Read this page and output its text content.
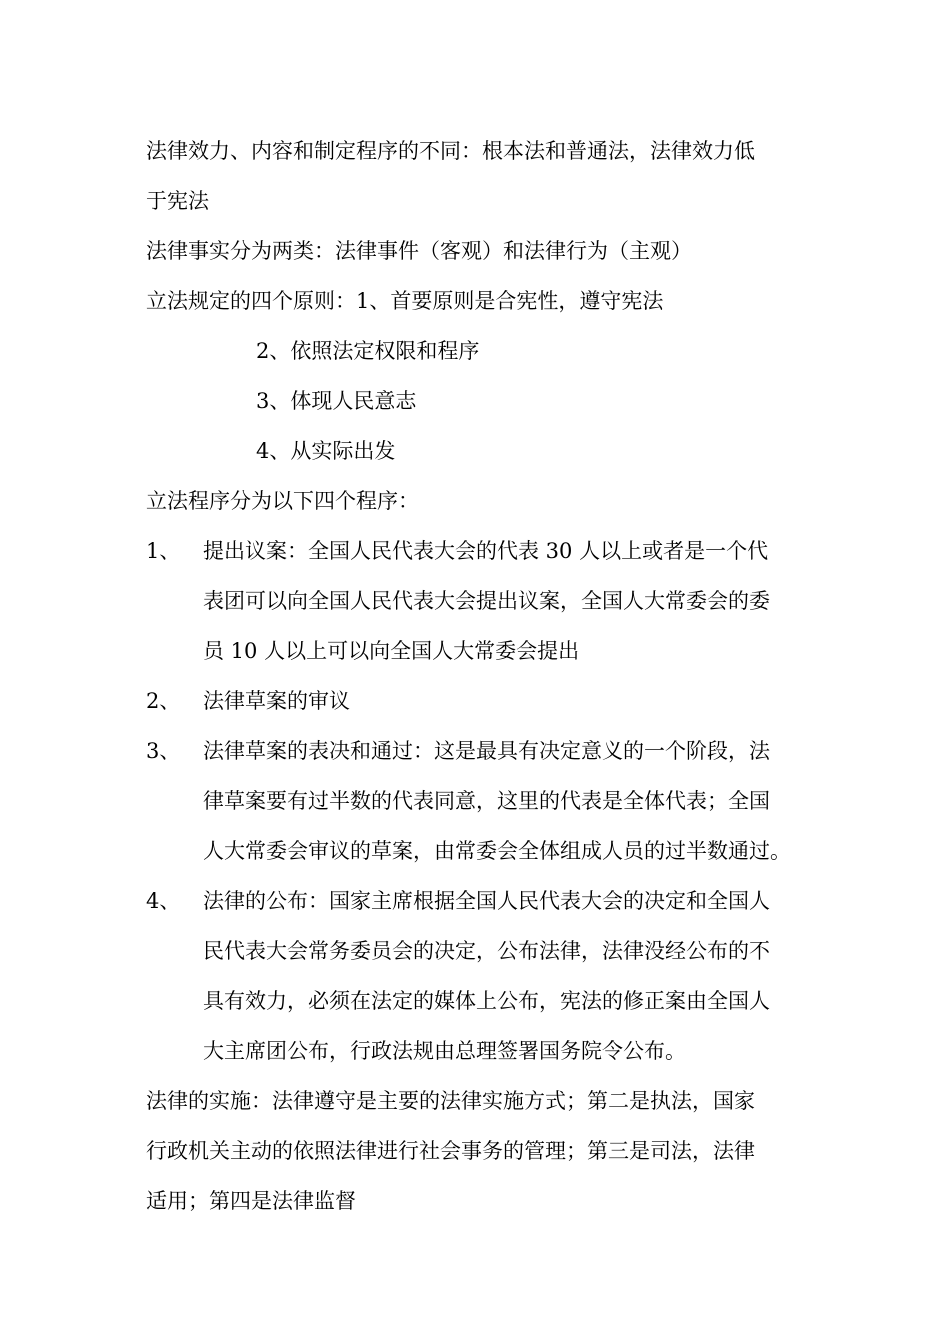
法律效力、内容和制定程序的不同：根本法和普通法，法律效力低
于宪法
法律事实分为两类：法律事件（客观）和法律行为（主观）
立法规定的四个原则：1、首要原则是合宪性，遵守宪法
2、依照法定权限和程序
3、体现人民意志
4、从实际出发
立法程序分为以下四个程序：
1、 提出议案：全国人民代表大会的代表 30 人以上或者是一个代
表团可以向全国人民代表大会提出议案，全国人大常委会的委
员 10 人以上可以向全国人大常委会提出
2、 法律草案的审议
3、 法律草案的表决和通过：这是最具有决定意义的一个阶段，法
律草案要有过半数的代表同意，这里的代表是全体代表；全国
人大常委会审议的草案，由常委会全体组成人员的过半数通过。
4、 法律的公布：国家主席根据全国人民代表大会的决定和全国人
民代表大会常务委员会的决定，公布法律，法律没经公布的不
具有效力，必须在法定的媒体上公布，宪法的修正案由全国人
大主席团公布，行政法规由总理签署国务院令公布。
法律的实施：法律遵守是主要的法律实施方式；第二是执法，国家
行政机关主动的依照法律进行社会事务的管理；第三是司法，法律
适用；第四是法律监督
